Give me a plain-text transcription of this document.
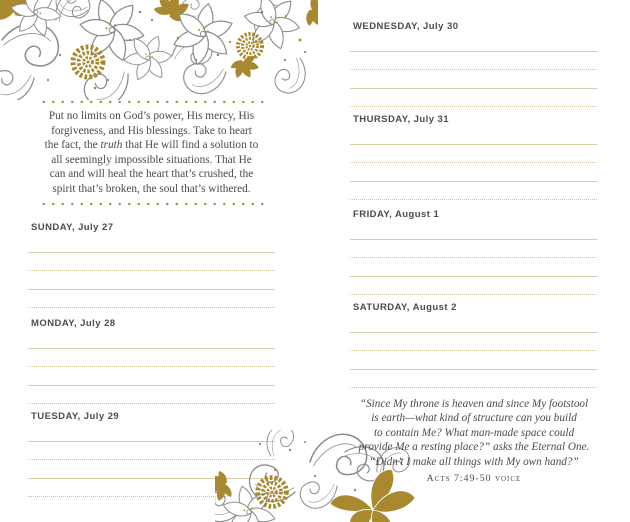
Put no limits on God’s power, His mercy, His

forgiveness, and His blessings. Take to heart

the fact, the truth that He will find a solution to

all seemingly impossible situations. That He

can and will heal the heart that’s crushed, the

spirit that’s broken, the soul that’s withered.

SUNDAY, July 27
MONDAY, July 28
TUESDAY, July 29
WEDNESDAY, July 30
THURSDAY, July 31
FRIDAY, August 1
SATURDAY, August 2

“Since My throne is heaven and since My footstool

is earth—what kind of structure can you build

to contain Me? What man-made space could

provide Me a resting place?” asks the Eternal One.

“Didn’t I make all things with My own hand?”

Acts 7:49-50 voice
